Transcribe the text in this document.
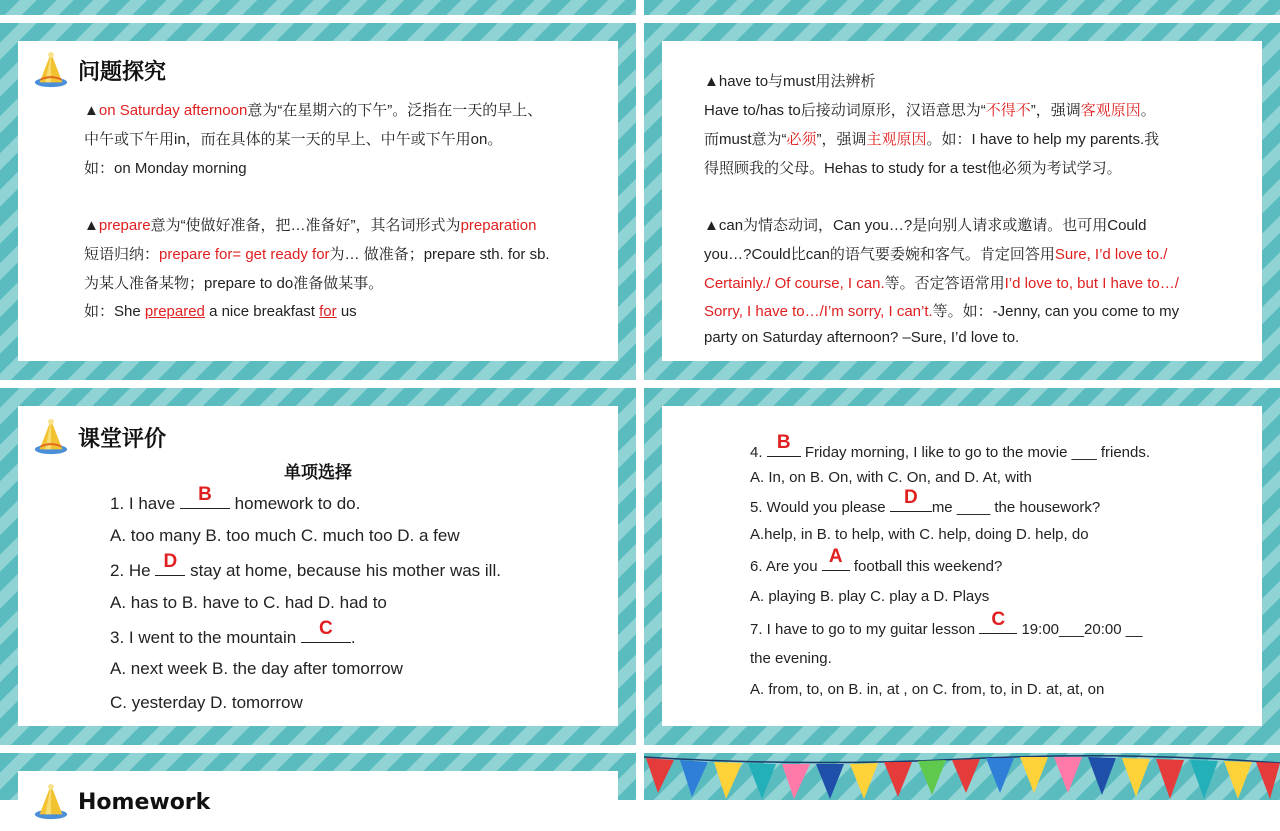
问题探究
▲on Saturday afternoon意为“在星期六的下午”。泛指在一天的早上、
中午或下午用in，而在具体的某一天的早上、中午或下午用on。
如：on Monday morning
▲prepare意为“使做好准备，把…准备好”，其名词形式为preparation
短语归纳：prepare for= get ready for为… 做准备；prepare sth. for sb.
为某人准备某物；prepare to do准备做某事。
如：She prepared a nice breakfast for us
▲have to与must用法辨析
Have to/has to后接动词原形，汉语意思为“不得不”，强调客观原因。
而must意为“必须”，强调主观原因。如：I have to help my parents.我
得照顾我的父母。Hehas to study for a test他必须为考试学习。
▲can为情态动词，Can you…?是向别人请求或邀请。也可用Could
you…?Could比can的语气要委婉和客气。肯定回答用Sure, I’d love to./
Certainly./ Of course, I can.等。否定答语常用I’d love to, but I have to…/
Sorry, I have to…/I’m sorry, I can’t.等。如：-Jenny, can you come to my
party on Saturday afternoon? –Sure, I’d love to.
课堂评价
单项选择
1. I have B	homework to do.
A. too many B. too much C. much too D. a few
2. He D stay at home, because his mother was ill.
A. has to B. have to C. had D. had to
3. I went to the mountain C	.
A. next week B. the day after tomorrow
C. yesterday D. tomorrow
4. B Friday morning, I like to go to the movie ___ friends.
A. In, on B. On, with C. On, and D. At, with
5. Would you please D me ____ the housework?
A.help, in B. to help, with C. help, doing D. help, do
6. Are you A football this weekend?
A. playing B. play C. play a D. Plays
7. I have to go to my guitar lesson C 19:00___20:00 __
the evening.
A. from, to, on B. in, at , on C. from, to, in D. at, at, on
Homework
